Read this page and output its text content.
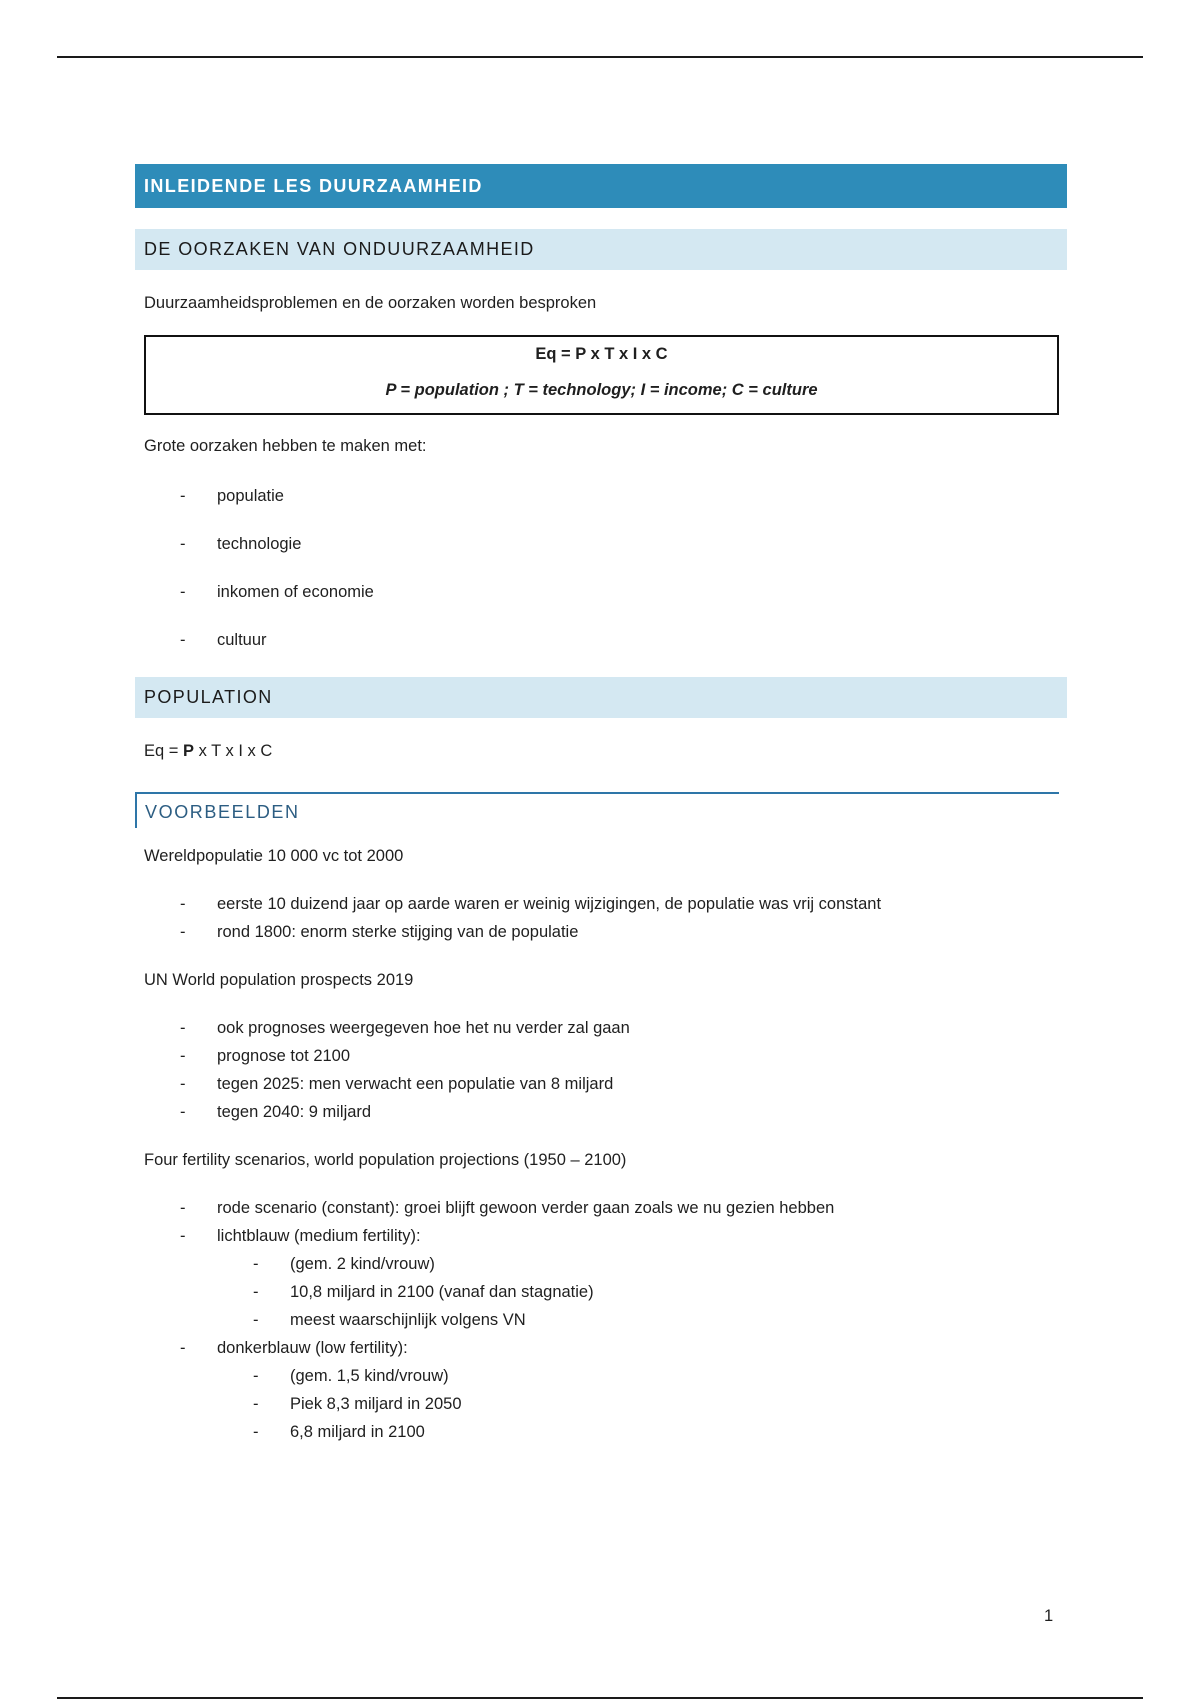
INLEIDENDE LES DUURZAAMHEID
DE OORZAKEN VAN ONDUURZAAMHEID

Duurzaamheidsproblemen en de oorzaken worden besproken

Eq = P x T x I x C
P = population ; T = technology; I = income; C = culture

Grote oorzaken hebben te maken met:

- populatie
- technologie
- inkomen of economie
- cultuur
POPULATION

Eq = P x T x I x C

VOORBEELDEN

Wereldpopulatie 10 000 vc tot 2000

- eerste 10 duizend jaar op aarde waren er weinig wijzigingen, de populatie was vrij constant
- rond 1800: enorm sterke stijging van de populatie

UN World population prospects 2019

- ook prognoses weergegeven hoe het nu verder zal gaan
- prognose tot 2100
- tegen 2025: men verwacht een populatie van 8 miljard
- tegen 2040: 9 miljard

Four fertility scenarios, world population projections (1950 – 2100)

- rode scenario (constant): groei blijft gewoon verder gaan zoals we nu gezien hebben
- lichtblauw (medium fertility):
- (gem. 2 kind/vrouw)
- 10,8 miljard in 2100 (vanaf dan stagnatie)
- meest waarschijnlijk volgens VN
- donkerblauw (low fertility):
- (gem. 1,5 kind/vrouw)
- Piek 8,3 miljard in 2050
- 6,8 miljard in 2100
1
